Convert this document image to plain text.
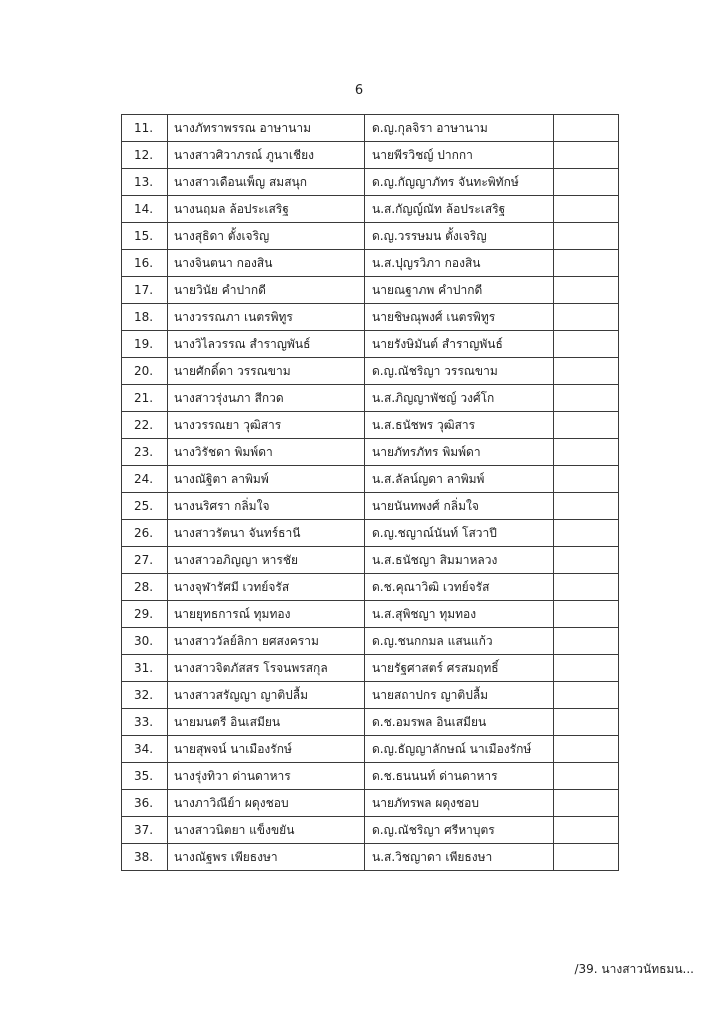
6
11.	นางภัทราพรรณ อาษานาม	ด.ญ.กุลจิรา อาษานาม	
12.	นางสาวศิวาภรณ์ ภูนาเชียง	นายพีรวิชญ์ ปากกา	
13.	นางสาวเดือนเพ็ญ สมสนุก	ด.ญ.กัญญาภัทร จันทะพิทักษ์	
14.	นางนฤมล ล้อประเสริฐ	น.ส.กัญญ์ณัท ล้อประเสริฐ	
15.	นางสุธิดา ตั้งเจริญ	ด.ญ.วรรษมน ตั้งเจริญ	
16.	นางจินตนา กองสิน	น.ส.ปุญรวิภา กองสิน	
17.	นายวินัย คำปากดี	นายณฐาภพ คำปากดี	
18.	นางวรรณภา เนตรพิทูร	นายชิษณุพงศ์ เนตรพิทูร	
19.	นางวิไลวรรณ สำราญพันธ์	นายรังษิมันต์ สำราญพันธ์	
20.	นายศักดิ์ดา วรรณขาม	ด.ญ.ณัชริญา วรรณขาม	
21.	นางสาวรุ่งนภา สีกวด	น.ส.ภิญญาพัชญ์ วงศ์โก	
22.	นางวรรณยา วุฒิสาร	น.ส.ธนัชพร วุฒิสาร	
23.	นางวิรัชดา พิมพ์ดา	นายภัทรภัทร พิมพ์ดา	
24.	นางณัฐิตา ลาพิมพ์	น.ส.ลัลน์ญดา ลาพิมพ์	
25.	นางนริศรา กลิ่มใจ	นายนันทพงศ์ กลิ่มใจ	
26.	นางสาวรัตนา จันทร์ธานี	ด.ญ.ชญาณ์นันท์ โสวาปี	
27.	นางสาวอภิญญา หารชัย	น.ส.ธนัชญา สิมมาหลวง	
28.	นางจุฬารัศมี เวทย์จรัส	ด.ช.คุณาวิฒิ เวทย์จรัส	
29.	นายยุทธการณ์ ทุมทอง	น.ส.สุพิชญา ทุมทอง	
30.	นางสาววัลย์ลิกา ยศสงคราม	ด.ญ.ชนกกมล แสนแก้ว	
31.	นางสาวจิตภัสสร โรจนพรสกุล	นายรัฐศาสตร์ ศรสมฤทธิ์	
32.	นางสาวสรัญญา ญาติปลื้ม	นายสถาปกร ญาติปลื้ม	
33.	นายมนตรี อินเสมียน	ด.ช.อมรพล อินเสมียน	
34.	นายสุพจน์ นาเมืองรักษ์	ด.ญ.ธัญญาลักษณ์ นาเมืองรักษ์	
35.	นางรุ่งทิวา ด่านดาหาร	ด.ช.ธนนนท์ ด่านดาหาร	
36.	นางภาวิณีย์า ผดุงชอบ	นายภัทรพล ผดุงชอบ	
37.	นางสาวนิตยา แข็งขยัน	ด.ญ.ณัชริญา ศรีหาบุตร	
38.	นางณัฐพร เพียธงษา	น.ส.วิชญาดา เพียธงษา	
/39. นางสาวนัทธมน...
